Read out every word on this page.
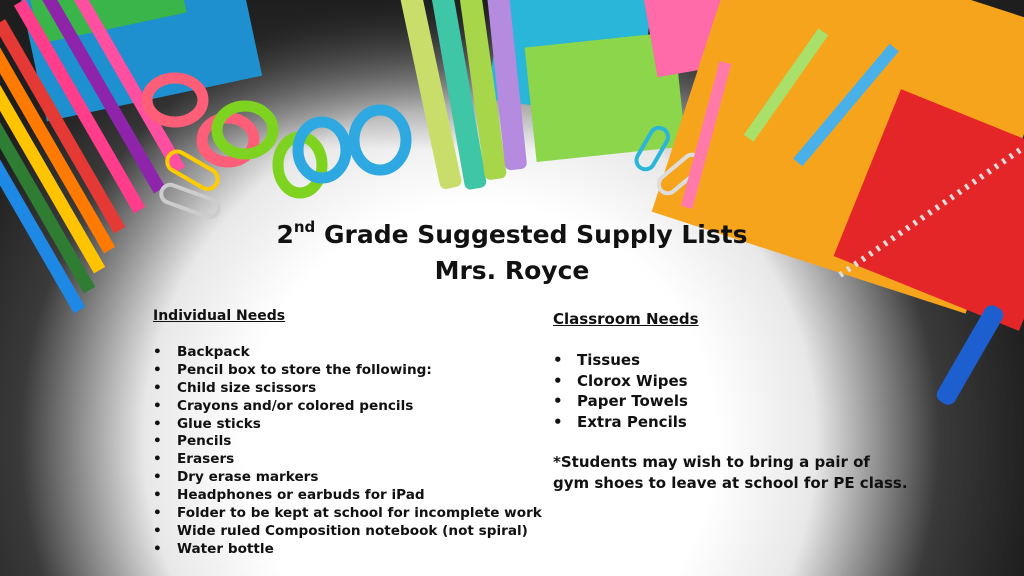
2nd Grade Suggested Supply Lists
Mrs. Royce
Individual Needs
• Backpack
• Pencil box to store the following:
• Child size scissors
• Crayons and/or colored pencils
• Glue sticks
• Pencils
• Erasers
• Dry erase markers
• Headphones or earbuds for iPad
• Folder to be kept at school for incomplete work
• Wide ruled Composition notebook (not spiral)
• Water bottle
Classroom Needs
• Tissues
• Clorox Wipes
• Paper Towels
• Extra Pencils
*Students may wish to bring a pair of
gym shoes to leave at school for PE class.
